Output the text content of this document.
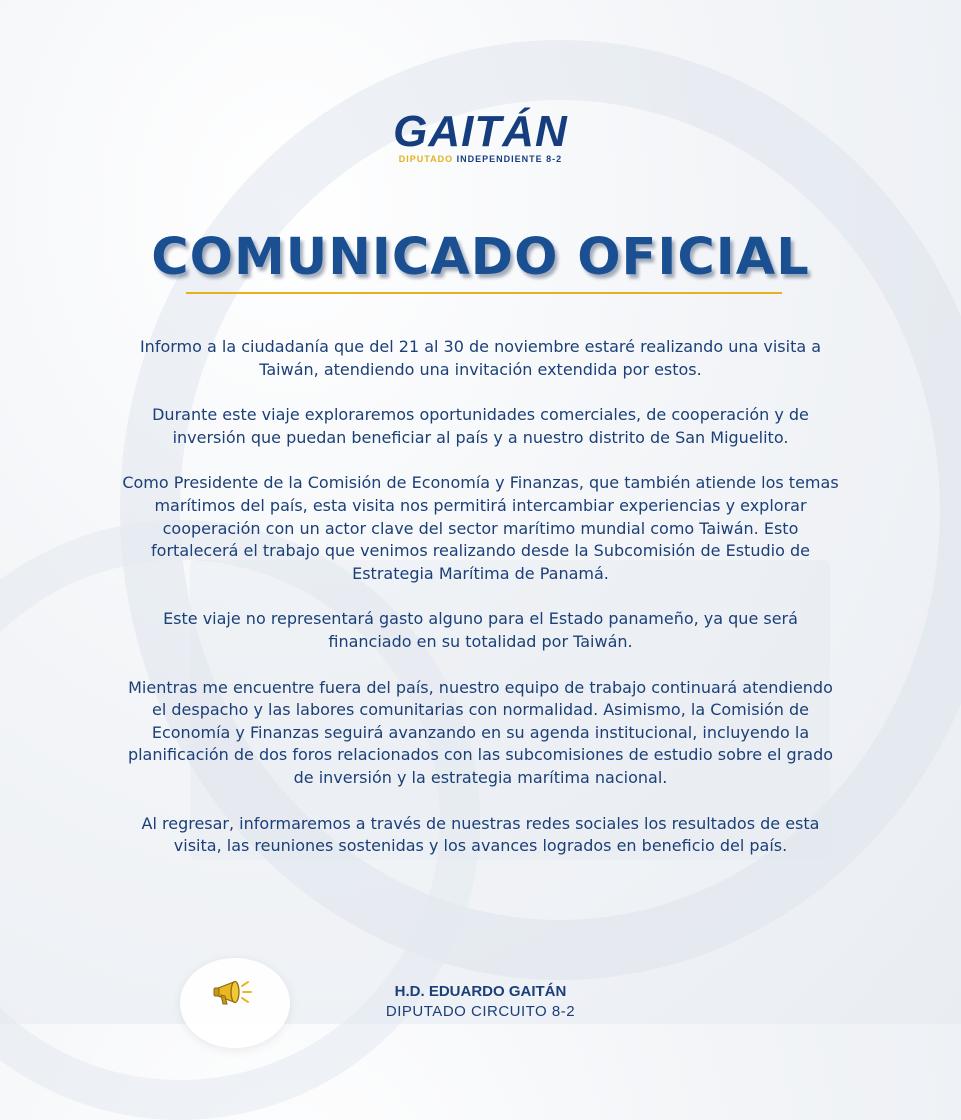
GAITÁN
DIPUTADO INDEPENDIENTE 8-2
COMUNICADO OFICIAL

Informo a la ciudadanía que del 21 al 30 de noviembre estaré realizando una visita a Taiwán, atendiendo una invitación extendida por estos.

Durante este viaje exploraremos oportunidades comerciales, de cooperación y de inversión que puedan beneficiar al país y a nuestro distrito de San Miguelito.

Como Presidente de la Comisión de Economía y Finanzas, que también atiende los temas marítimos del país, esta visita nos permitirá intercambiar experiencias y explorar cooperación con un actor clave del sector marítimo mundial como Taiwán. Esto fortalecerá el trabajo que venimos realizando desde la Subcomisión de Estudio de Estrategia Marítima de Panamá.

Este viaje no representará gasto alguno para el Estado panameño, ya que será financiado en su totalidad por Taiwán.

Mientras me encuentre fuera del país, nuestro equipo de trabajo continuará atendiendo el despacho y las labores comunitarias con normalidad. Asimismo, la Comisión de Economía y Finanzas seguirá avanzando en su agenda institucional, incluyendo la planificación de dos foros relacionados con las subcomisiones de estudio sobre el grado de inversión y la estrategia marítima nacional.

Al regresar, informaremos a través de nuestras redes sociales los resultados de esta visita, las reuniones sostenidas y los avances logrados en beneficio del país.

H.D. EDUARDO GAITÁN
DIPUTADO CIRCUITO 8-2
